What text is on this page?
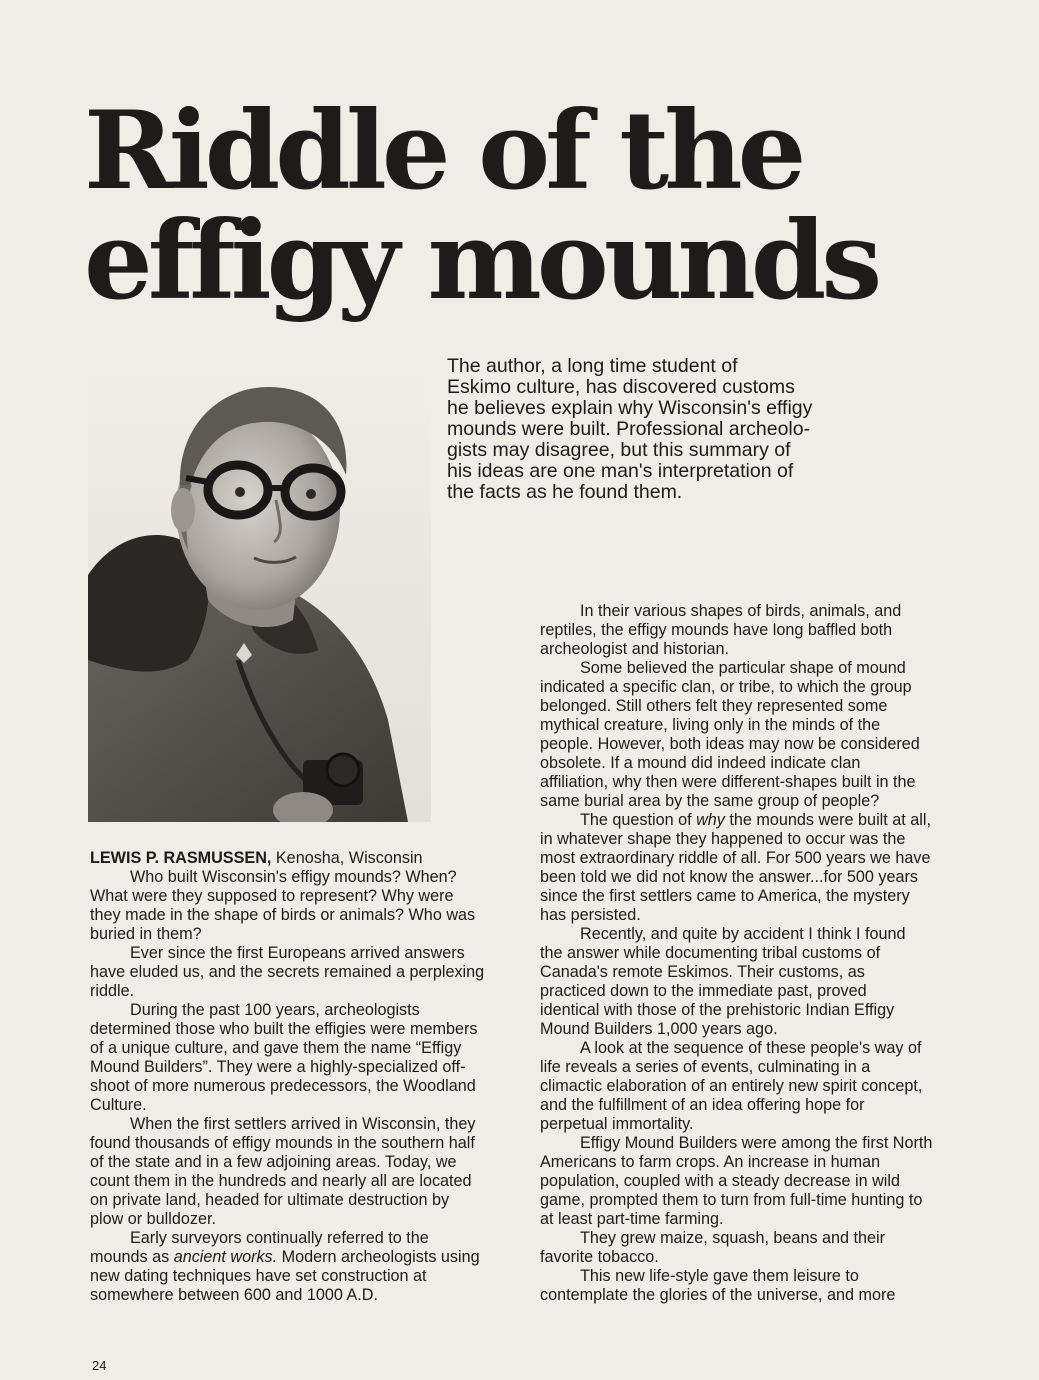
Riddle of the
effigy mounds

The author, a long time student of
Eskimo culture, has discovered customs
he believes explain why Wisconsin's effigy
mounds were built. Professional archeolo-
gists may disagree, but this summary of
his ideas are one man's interpretation of
the facts as he found them.

LEWIS P. RASMUSSEN, Kenosha, Wisconsin
Who built Wisconsin's effigy mounds? When?
What were they supposed to represent? Why were
they made in the shape of birds or animals? Who was
buried in them?
Ever since the first Europeans arrived answers
have eluded us, and the secrets remained a perplexing
riddle.
During the past 100 years, archeologists
determined those who built the effigies were members
of a unique culture, and gave them the name “Effigy
Mound Builders”. They were a highly-specialized off-
shoot of more numerous predecessors, the Woodland
Culture.
When the first settlers arrived in Wisconsin, they
found thousands of effigy mounds in the southern half
of the state and in a few adjoining areas. Today, we
count them in the hundreds and nearly all are located
on private land, headed for ultimate destruction by
plow or bulldozer.
Early surveyors continually referred to the
mounds as ancient works. Modern archeologists using
new dating techniques have set construction at
somewhere between 600 and 1000 A.D.
In their various shapes of birds, animals, and
reptiles, the effigy mounds have long baffled both
archeologist and historian.
Some believed the particular shape of mound
indicated a specific clan, or tribe, to which the group
belonged. Still others felt they represented some
mythical creature, living only in the minds of the
people. However, both ideas may now be considered
obsolete. If a mound did indeed indicate clan
affiliation, why then were different-shapes built in the
same burial area by the same group of people?
The question of why the mounds were built at all,
in whatever shape they happened to occur was the
most extraordinary riddle of all. For 500 years we have
been told we did not know the answer...for 500 years
since the first settlers came to America, the mystery
has persisted.
Recently, and quite by accident I think I found
the answer while documenting tribal customs of
Canada's remote Eskimos. Their customs, as
practiced down to the immediate past, proved
identical with those of the prehistoric Indian Effigy
Mound Builders 1,000 years ago.
A look at the sequence of these people's way of
life reveals a series of events, culminating in a
climactic elaboration of an entirely new spirit concept,
and the fulfillment of an idea offering hope for
perpetual immortality.
Effigy Mound Builders were among the first North
Americans to farm crops. An increase in human
population, coupled with a steady decrease in wild
game, prompted them to turn from full-time hunting to
at least part-time farming.
They grew maize, squash, beans and their
favorite tobacco.
This new life-style gave them leisure to
contemplate the glories of the universe, and more
24
